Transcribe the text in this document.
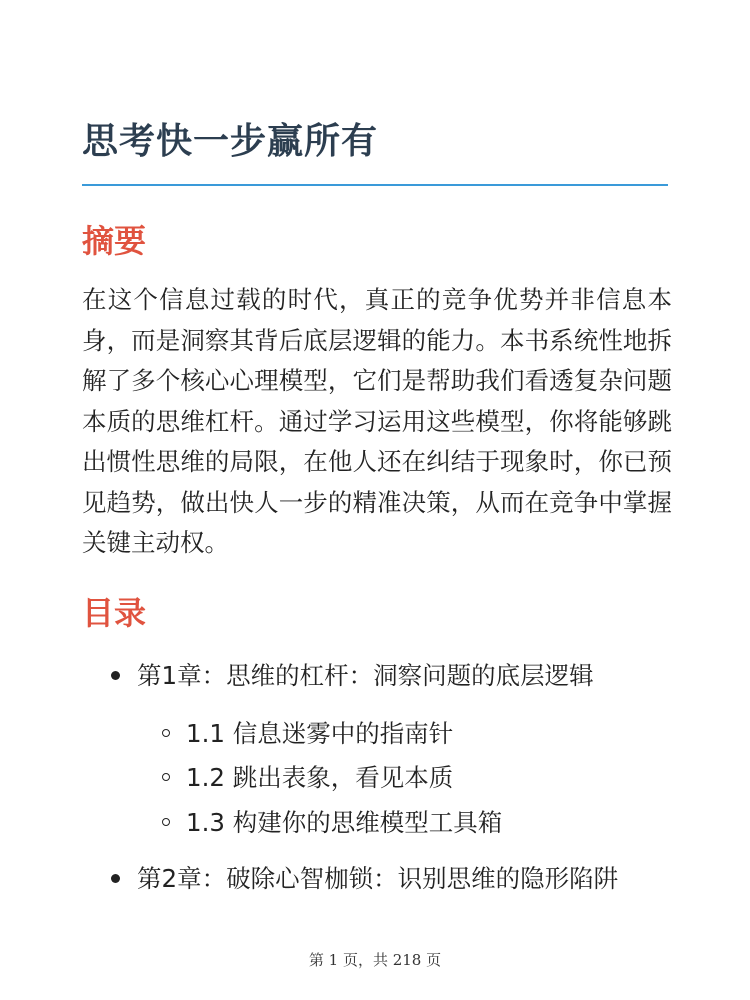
思考快一步赢所有
摘要

在这个信息过载的时代，真正的竞争优势并非信息本身，而是洞察其背后底层逻辑的能力。本书系统性地拆解了多个核心心理模型，它们是帮助我们看透复杂问题本质的思维杠杆。通过学习运用这些模型，你将能够跳出惯性思维的局限，在他人还在纠结于现象时，你已预见趋势，做出快人一步的精准决策，从而在竞争中掌握关键主动权。

目录
第1章：思维的杠杆：洞察问题的底层逻辑
1.1 信息迷雾中的指南针
1.2 跳出表象，看见本质
1.3 构建你的思维模型工具箱
第2章：破除心智枷锁：识别思维的隐形陷阱
第 1 页，共 218 页
